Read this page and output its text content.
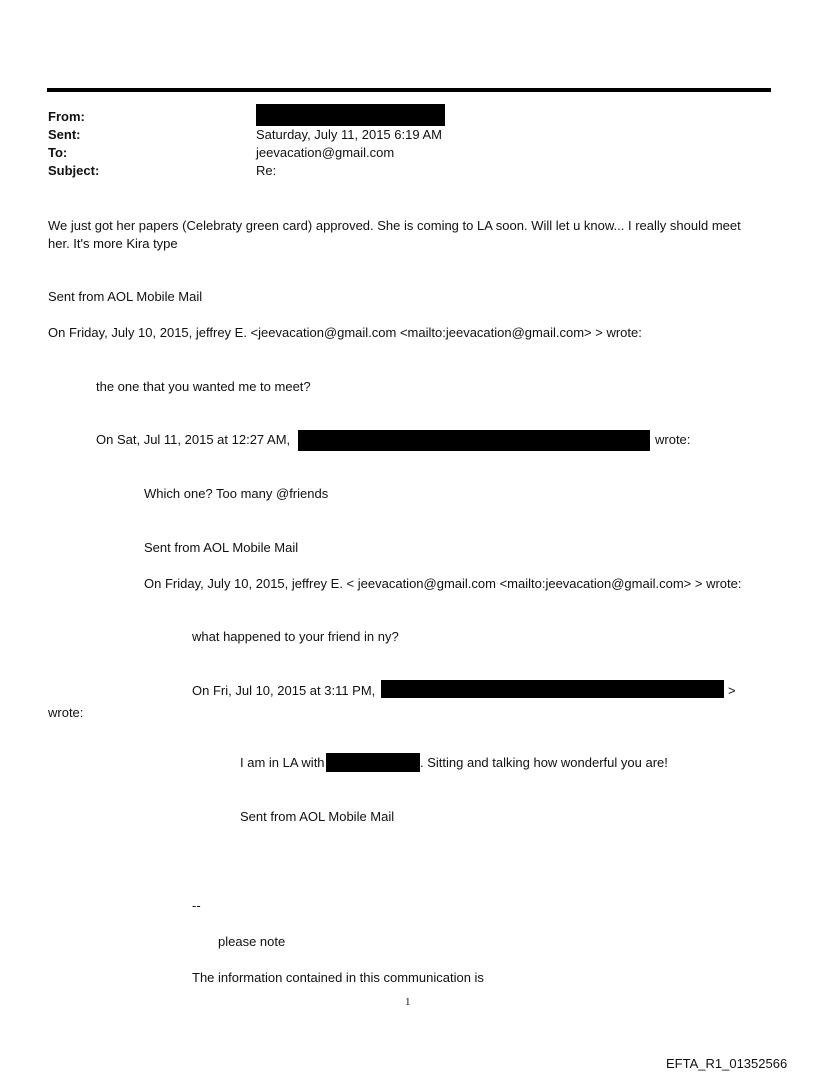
From:
Sent:	Saturday, July 11, 2015 6:19 AM
To:	jeevacation@gmail.com
Subject:	Re:
We just got her papers (Celebraty green card) approved. She is coming to LA soon. Will let u know... I really should meet
her. It's more Kira type
Sent from AOL Mobile Mail
On Friday, July 10, 2015, jeffrey E. <jeevacation@gmail.com <mailto:jeevacation@gmail.com> > wrote:
the one that you wanted me to meet?
On Sat, Jul 11, 2015 at 12:27 AM,	wrote:
Which one? Too many @friends
Sent from AOL Mobile Mail
On Friday, July 10, 2015, jeffrey E. < jeevacation@gmail.com <mailto:jeevacation@gmail.com> > wrote:
what happened to your friend in ny?
On Fri, Jul 10, 2015 at 3:11 PM,	>
wrote:
I am in LA with	. Sitting and talking how wonderful you are!
Sent from AOL Mobile Mail
--
please note
The information contained in this communication is
1
EFTA_R1_01352566
